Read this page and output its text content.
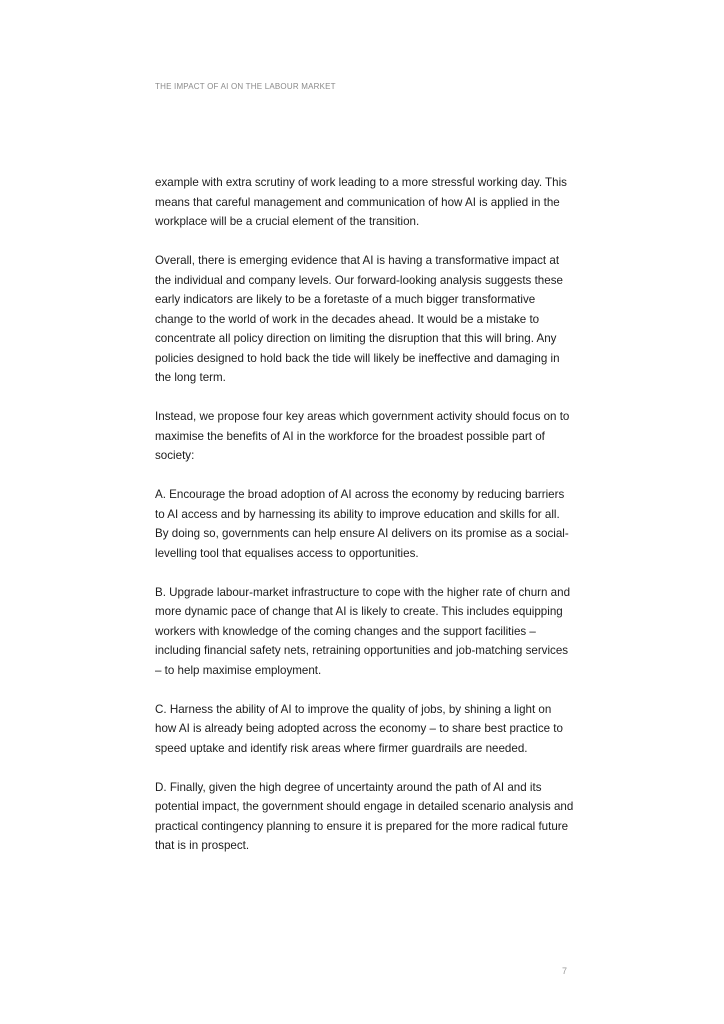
THE IMPACT OF AI ON THE LABOUR MARKET

example with extra scrutiny of work leading to a more stressful working day. This means that careful management and communication of how AI is applied in the workplace will be a crucial element of the transition.

Overall, there is emerging evidence that AI is having a transformative impact at the individual and company levels. Our forward-looking analysis suggests these early indicators are likely to be a foretaste of a much bigger transformative change to the world of work in the decades ahead. It would be a mistake to concentrate all policy direction on limiting the disruption that this will bring. Any policies designed to hold back the tide will likely be ineffective and damaging in the long term.

Instead, we propose four key areas which government activity should focus on to maximise the benefits of AI in the workforce for the broadest possible part of society:

A. Encourage the broad adoption of AI across the economy by reducing barriers to AI access and by harnessing its ability to improve education and skills for all. By doing so, governments can help ensure AI delivers on its promise as a social-levelling tool that equalises access to opportunities.

B. Upgrade labour-market infrastructure to cope with the higher rate of churn and more dynamic pace of change that AI is likely to create. This includes equipping workers with knowledge of the coming changes and the support facilities – including financial safety nets, retraining opportunities and job-matching services – to help maximise employment.

C. Harness the ability of AI to improve the quality of jobs, by shining a light on how AI is already being adopted across the economy – to share best practice to speed uptake and identify risk areas where firmer guardrails are needed.

D. Finally, given the high degree of uncertainty around the path of AI and its potential impact, the government should engage in detailed scenario analysis and practical contingency planning to ensure it is prepared for the more radical future that is in prospect.

7
